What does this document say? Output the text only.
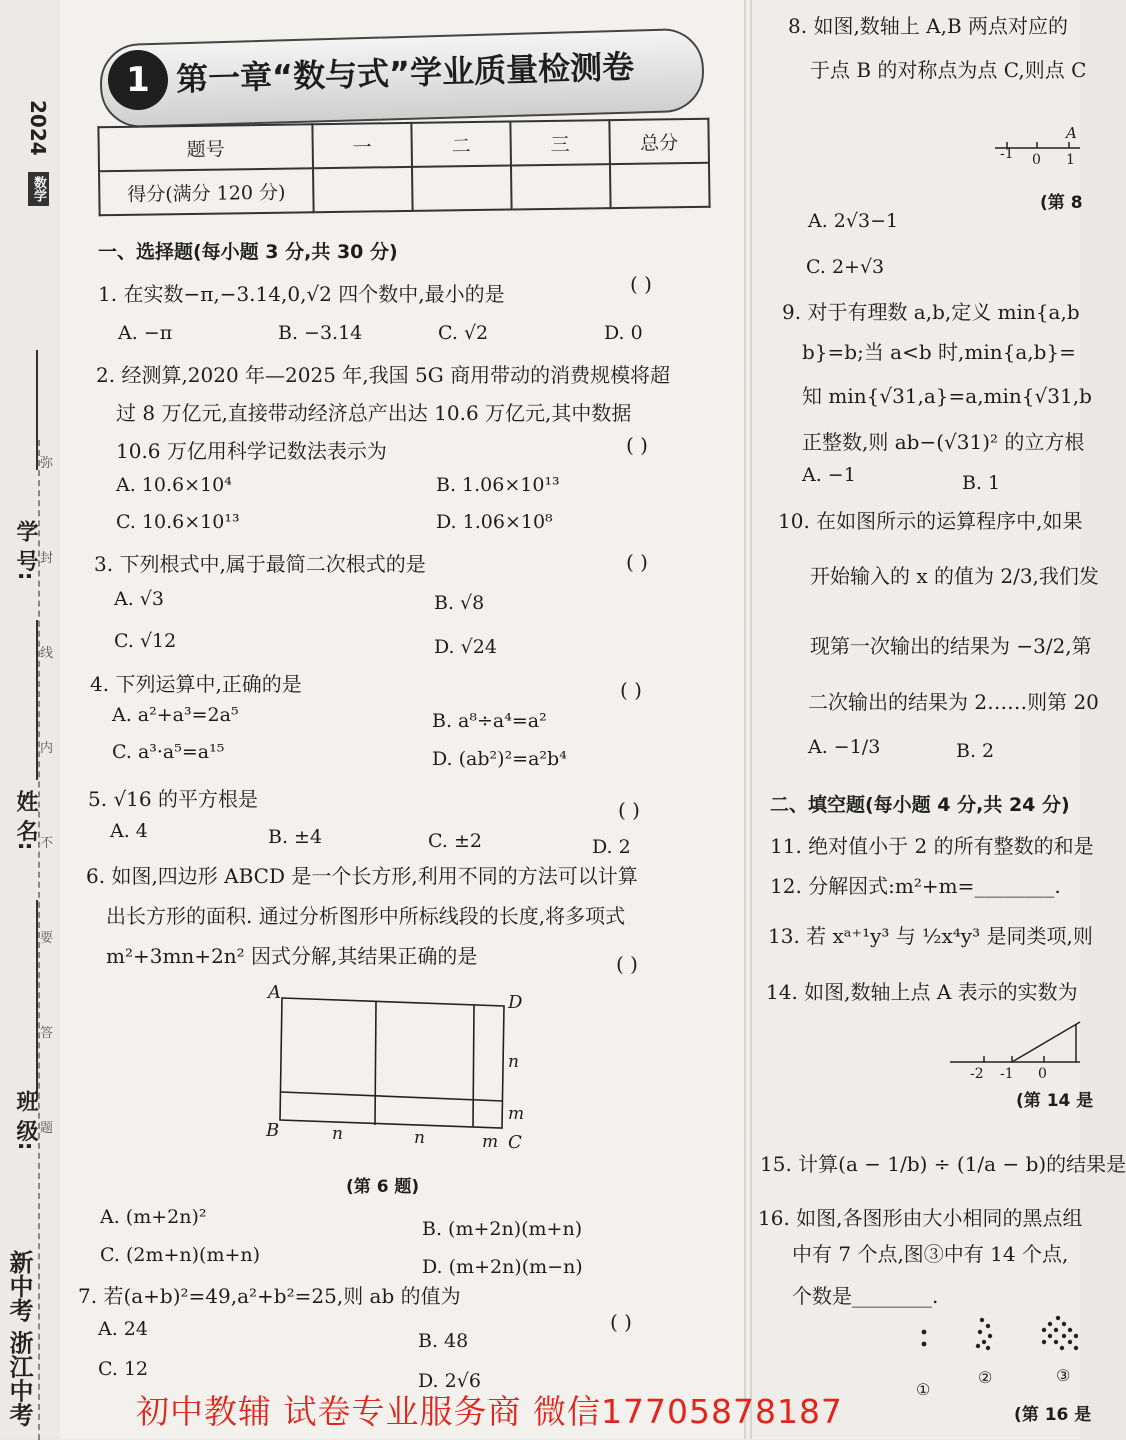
学 号:
姓 名:
班 级:
弥
封
线
内
不
要
答
题
2024
数学
新中考 浙江中考
1 第一章“数与式”学业质量检测卷
题号	一	二	三	总分
得分(满分 120 分)				
一、选择题(每小题 3 分,共 30 分)
1. 在实数−π,−3.14,0,√2 四个数中,最小的是	( )
A. −π	B. −3.14	C. √2	D. 0
2. 经测算,2020 年—2025 年,我国 5G 商用带动的消费规模将超
过 8 万亿元,直接带动经济总产出达 10.6 万亿元,其中数据
10.6 万亿用科学记数法表示为	( )
A. 10.6×10⁴	B. 1.06×10¹³
C. 10.6×10¹³	D. 1.06×10⁸
3. 下列根式中,属于最简二次根式的是	( )
A. √3	B. √8
C. √12	D. √24
4. 下列运算中,正确的是	( )
A. a²+a³=2a⁵	B. a⁸÷a⁴=a²
C. a³·a⁵=a¹⁵	D. (ab²)²=a²b⁴
5. √16 的平方根是	( )
A. 4	B. ±4	C. ±2	D. 2
6. 如图,四边形 ABCD 是一个长方形,利用不同的方法可以计算
出长方形的面积. 通过分析图形中所标线段的长度,将多项式
m²+3mn+2n² 因式分解,其结果正确的是	( )
A	D
B
C
n
m
n	n	m
(第 6 题)
A. (m+2n)²
B. (m+2n)(m+n)
C. (2m+n)(m+n)
D. (m+2n)(m−n)
7. 若(a+b)²=49,a²+b²=25,则 ab 的值为
( )
A. 24
B. 48
C. 12
D. 2√6
8. 如图,数轴上 A,B 两点对应的
于点 B 的对称点为点 C,则点 C
-1 0 1
A
(第 8
A. 2√3−1
C. 2+√3
9. 对于有理数 a,b,定义 min{a,b
b}=b;当 a<b 时,min{a,b}=
知 min{√31,a}=a,min{√31,b
正整数,则 ab−(√31)² 的立方根
A. −1	B. 1
10. 在如图所示的运算程序中,如果
开始输入的 x 的值为 2/3,我们发
现第一次输出的结果为 −3/2,第
二次输出的结果为 2……则第 20
A. −1/3	B. 2
二、填空题(每小题 4 分,共 24 分)
11. 绝对值小于 2 的所有整数的和是
12. 分解因式:m²+m=________.
13. 若 xᵃ⁺¹y³ 与 ½x⁴y³ 是同类项,则
14. 如图,数轴上点 A 表示的实数为
-2 -1 0
(第 14 是
15. 计算(a − 1/b) ÷ (1/a − b)的结果是
16. 如图,各图形由大小相同的黑点组
中有 7 个点,图③中有 14 个点,
个数是________.
①
②	③
(第 16 是
初中教辅 试卷专业服务商 微信17705878187
